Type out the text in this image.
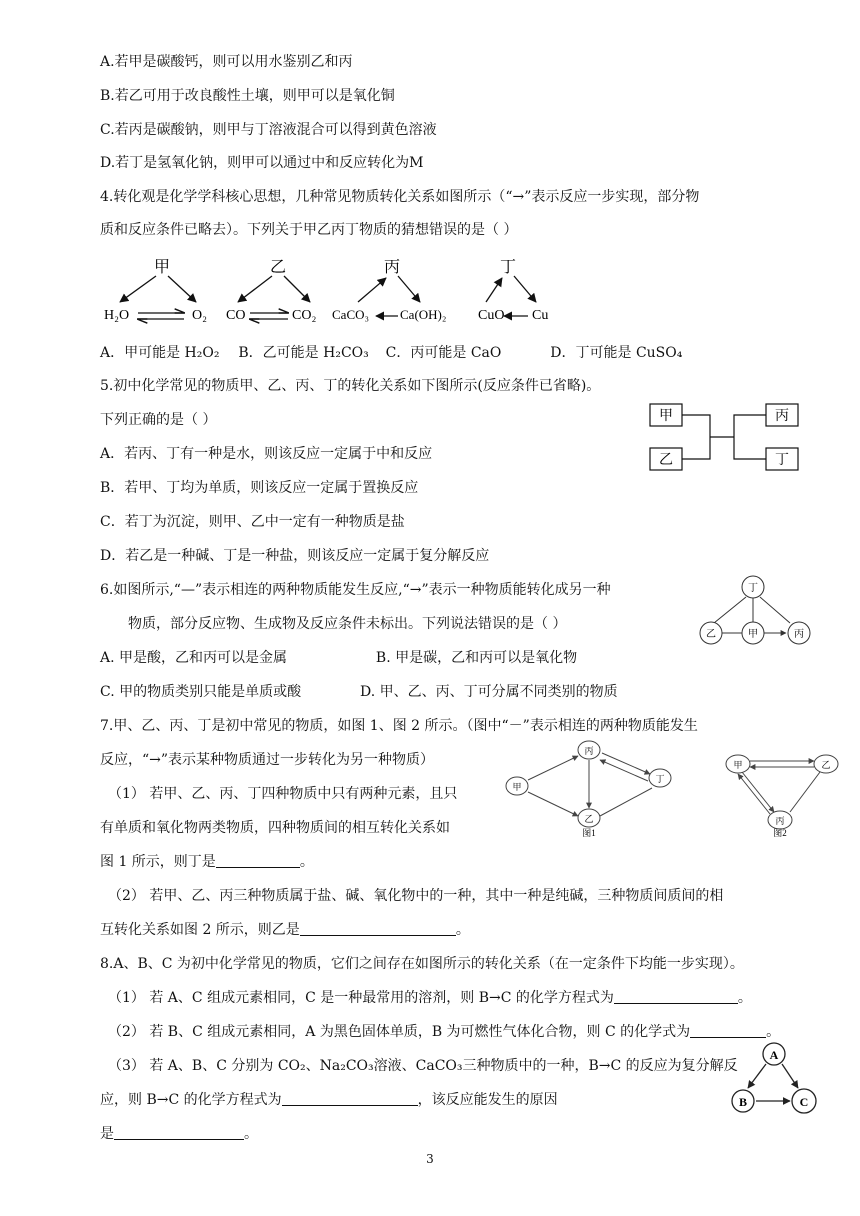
A.若甲是碳酸钙，则可以用水鉴别乙和丙
B.若乙可用于改良酸性土壤，则甲可以是氧化铜
C.若丙是碳酸钠，则甲与丁溶液混合可以得到黄色溶液
D.若丁是氢氧化钠，则甲可以通过中和反应转化为M
4.转化观是化学学科核心思想，几种常见物质转化关系如图所示（“→”表示反应一步实现，部分物
质和反应条件已略去）。下列关于甲乙丙丁物质的猜想错误的是（ ）
甲
H₂O	O₂
乙
CO	CO₂
丙
CaCO₃ Ca(OH)₂
丁
CuO Cu
A．甲可能是 H₂O₂ B．乙可能是 H₂CO₃ C．丙可能是 CaO	D．丁可能是 CuSO₄
5.初中化学常见的物质甲、乙、丙、丁的转化关系如下图所示(反应条件已省略)。
下列正确的是（ ）
A．若丙、丁有一种是水，则该反应一定属于中和反应
B．若甲、丁均为单质，则该反应一定属于置换反应
C．若丁为沉淀，则甲、乙中一定有一种物质是盐
D．若乙是一种碱、丁是一种盐，则该反应一定属于复分解反应
甲
乙
丙
丁
6.如图所示,“—”表示相连的两种物质能发生反应,“→”表示一种物质能转化成另一种
物质，部分反应物、生成物及反应条件未标出。下列说法错误的是（ ）
A. 甲是酸，乙和丙可以是金属	B. 甲是碳，乙和丙可以是氧化物
C. 甲的物质类别只能是单质或酸	D. 甲、乙、丙、丁可分属不同类别的物质
丁
乙	甲	丙
7.甲、乙、丙、丁是初中常见的物质，如图 1、图 2 所示。（图中“－”表示相连的两种物质能发生
反应，“→”表示某种物质通过一步转化为另一种物质）
（1） 若甲、乙、丙、丁四种物质中只有两种元素，且只
有单质和氧化物两类物质，四种物质间的相互转化关系如
图 1 所示，则丁是	。
（2） 若甲、乙、丙三种物质属于盐、碱、氧化物中的一种，其中一种是纯碱，三种物质间质间的相
互转化关系如图 2 所示，则乙是	。
甲
丙
丁
乙
图1
甲	乙
丙
图2
8.A、B、C 为初中化学常见的物质，它们之间存在如图所示的转化关系（在一定条件下均能一步实现）。
（1） 若 A、C 组成元素相同，C 是一种最常用的溶剂，则 B→C 的化学方程式为	。
（2） 若 B、C 组成元素相同，A 为黑色固体单质，B 为可燃性气体化合物，则 C 的化学式为	。
（3） 若 A、B、C 分别为 CO₂、Na₂CO₃溶液、CaCO₃三种物质中的一种，B→C 的反应为复分解反
应，则 B→C 的化学方程式为	，该反应能发生的原因
是	。
A
B	C
3
